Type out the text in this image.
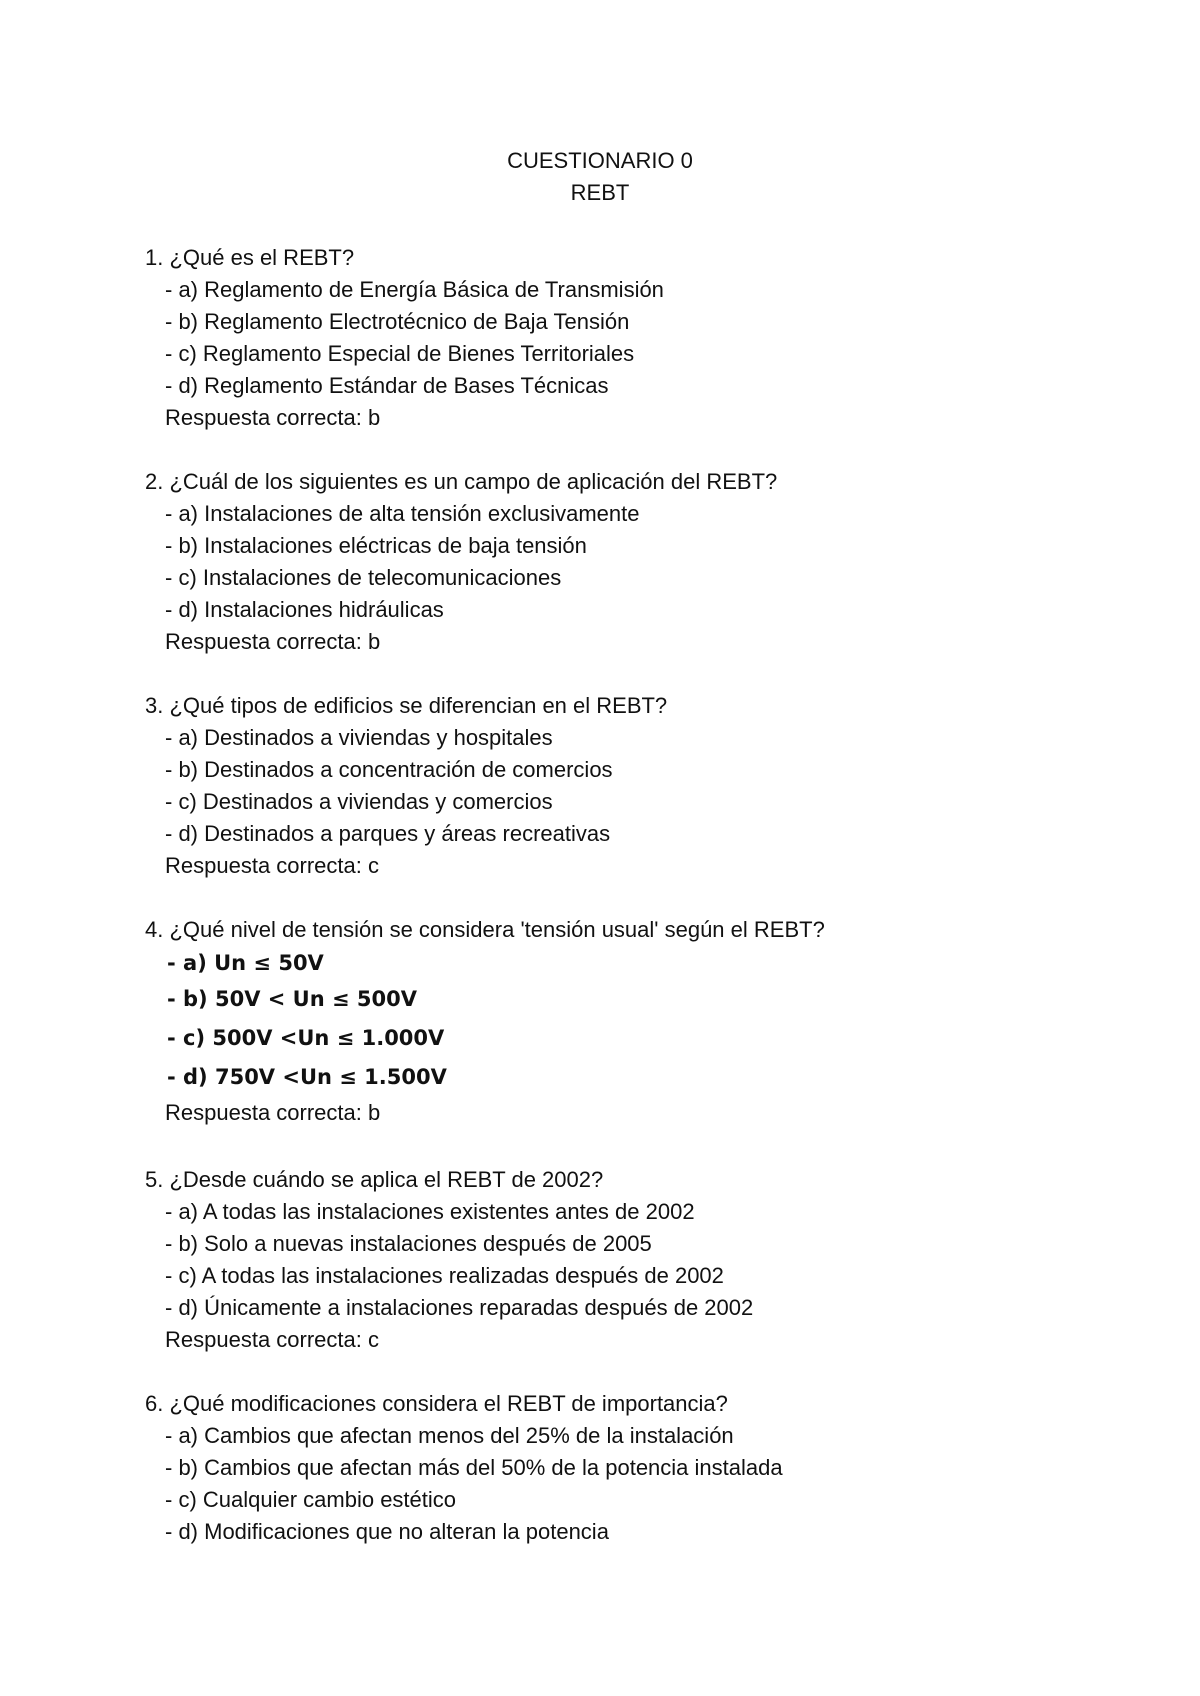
CUESTIONARIO 0
REBT
1. ¿Qué es el REBT?
- a) Reglamento de Energía Básica de Transmisión
- b) Reglamento Electrotécnico de Baja Tensión
- c) Reglamento Especial de Bienes Territoriales
- d) Reglamento Estándar de Bases Técnicas
Respuesta correcta: b
2. ¿Cuál de los siguientes es un campo de aplicación del REBT?
- a) Instalaciones de alta tensión exclusivamente
- b) Instalaciones eléctricas de baja tensión
- c) Instalaciones de telecomunicaciones
- d) Instalaciones hidráulicas
Respuesta correcta: b
3. ¿Qué tipos de edificios se diferencian en el REBT?
- a) Destinados a viviendas y hospitales
- b) Destinados a concentración de comercios
- c) Destinados a viviendas y comercios
- d) Destinados a parques y áreas recreativas
Respuesta correcta: c
4. ¿Qué nivel de tensión se considera 'tensión usual' según el REBT?
- a) Un ≤ 50V
- b) 50V < Un ≤ 500V
- c) 500V <Un ≤ 1.000V
- d) 750V <Un ≤ 1.500V
Respuesta correcta: b
5. ¿Desde cuándo se aplica el REBT de 2002?
- a) A todas las instalaciones existentes antes de 2002
- b) Solo a nuevas instalaciones después de 2005
- c) A todas las instalaciones realizadas después de 2002
- d) Únicamente a instalaciones reparadas después de 2002
Respuesta correcta: c
6. ¿Qué modificaciones considera el REBT de importancia?
- a) Cambios que afectan menos del 25% de la instalación
- b) Cambios que afectan más del 50% de la potencia instalada
- c) Cualquier cambio estético
- d) Modificaciones que no alteran la potencia
